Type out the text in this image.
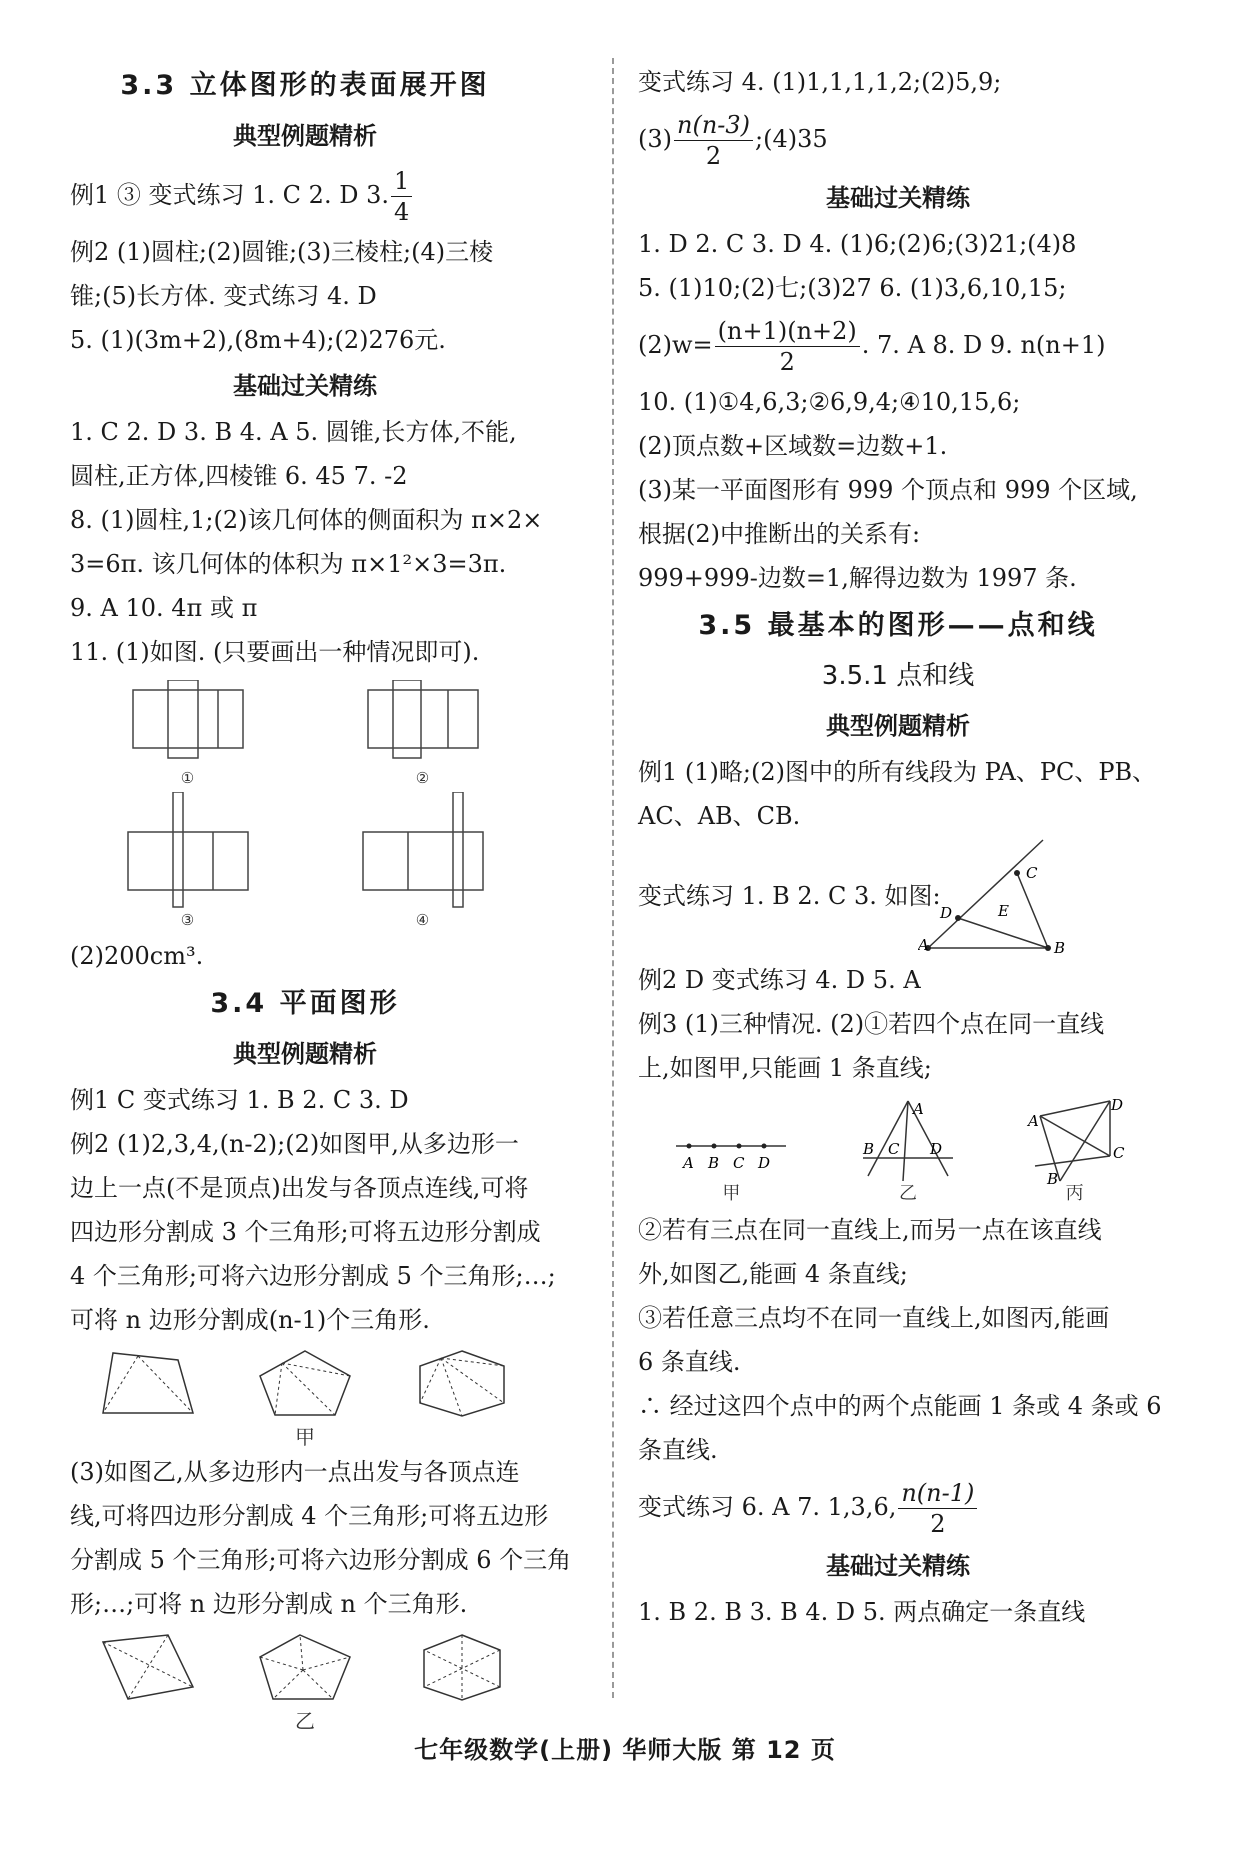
3.3 立体图形的表面展开图
典型例题精析
例1 ③ 变式练习 1. C 2. D 3. $\frac{1}{4}$
例2 (1)圆柱;(2)圆锥;(3)三棱柱;(4)三棱
锥;(5)长方体. 变式练习 4. D
5. (1)(3m+2),(8m+4);(2)276元.
基础过关精练
1. C 2. D 3. B 4. A 5. 圆锥,长方体,不能,
圆柱,正方体,四棱锥 6. 45 7. -2
8. (1)圆柱,1;(2)该几何体的侧面积为 π×2×
3=6π. 该几何体的体积为 π×1²×3=3π.
9. A 10. 4π 或 π
11. (1)如图. (只要画出一种情况即可).
①	②
③	④
(2)200cm³.
3.4 平面图形
典型例题精析
例1 C 变式练习 1. B 2. C 3. D
例2 (1)2,3,4,(n-2);(2)如图甲,从多边形一
边上一点(不是顶点)出发与各顶点连线,可将
四边形分割成 3 个三角形;可将五边形分割成
4 个三角形;可将六边形分割成 5 个三角形;…;
可将 n 边形分割成(n-1)个三角形.
甲
(3)如图乙,从多边形内一点出发与各顶点连
线,可将四边形分割成 4 个三角形;可将五边形
分割成 5 个三角形;可将六边形分割成 6 个三角
形;…;可将 n 边形分割成 n 个三角形.
乙
变式练习 4. (1)1,1,1,1,2;(2)5,9;
$(3) \frac{n(n-3)}{2}$ ;(4)35
基础过关精练
1. D 2. C 3. D 4. (1)6;(2)6;(3)21;(4)8
5. (1)10;(2)七;(3)27 6. (1)3,6,10,15;
$(2)w= \frac{(n+1)(n+2)}{2}$ . 7. A 8. D 9. n(n+1)
10. (1)①4,6,3;②6,9,4;④10,15,6;
(2)顶点数+区域数=边数+1.
(3)某一平面图形有 999 个顶点和 999 个区域,
根据(2)中推断出的关系有:
999+999-边数=1,解得边数为 1997 条.
3.5 最基本的图形——点和线
3.5.1 点和线
典型例题精析
例1 (1)略;(2)图中的所有线段为 PA、PC、PB、
AC、AB、CB.
变式练习 1. B 2. C 3. 如图:
D
C
E
A	B
例2 D 变式练习 4. D 5. A
例3 (1)三种情况. (2)①若四个点在同一直线
上,如图甲,只能画 1 条直线;
A B C D
甲
A
B C D
乙
A
B
C
D
丙
②若有三点在同一直线上,而另一点在该直线
外,如图乙,能画 4 条直线;
③若任意三点均不在同一直线上,如图丙,能画
6 条直线.
∴ 经过这四个点中的两个点能画 1 条或 4 条或 6
条直线.
变式练习 6. A 7. 1,3,6, $\frac{n(n-1)}{2}$
基础过关精练
1. B 2. B 3. B 4. D 5. 两点确定一条直线
七年级数学(上册) 华师大版 第 12 页
